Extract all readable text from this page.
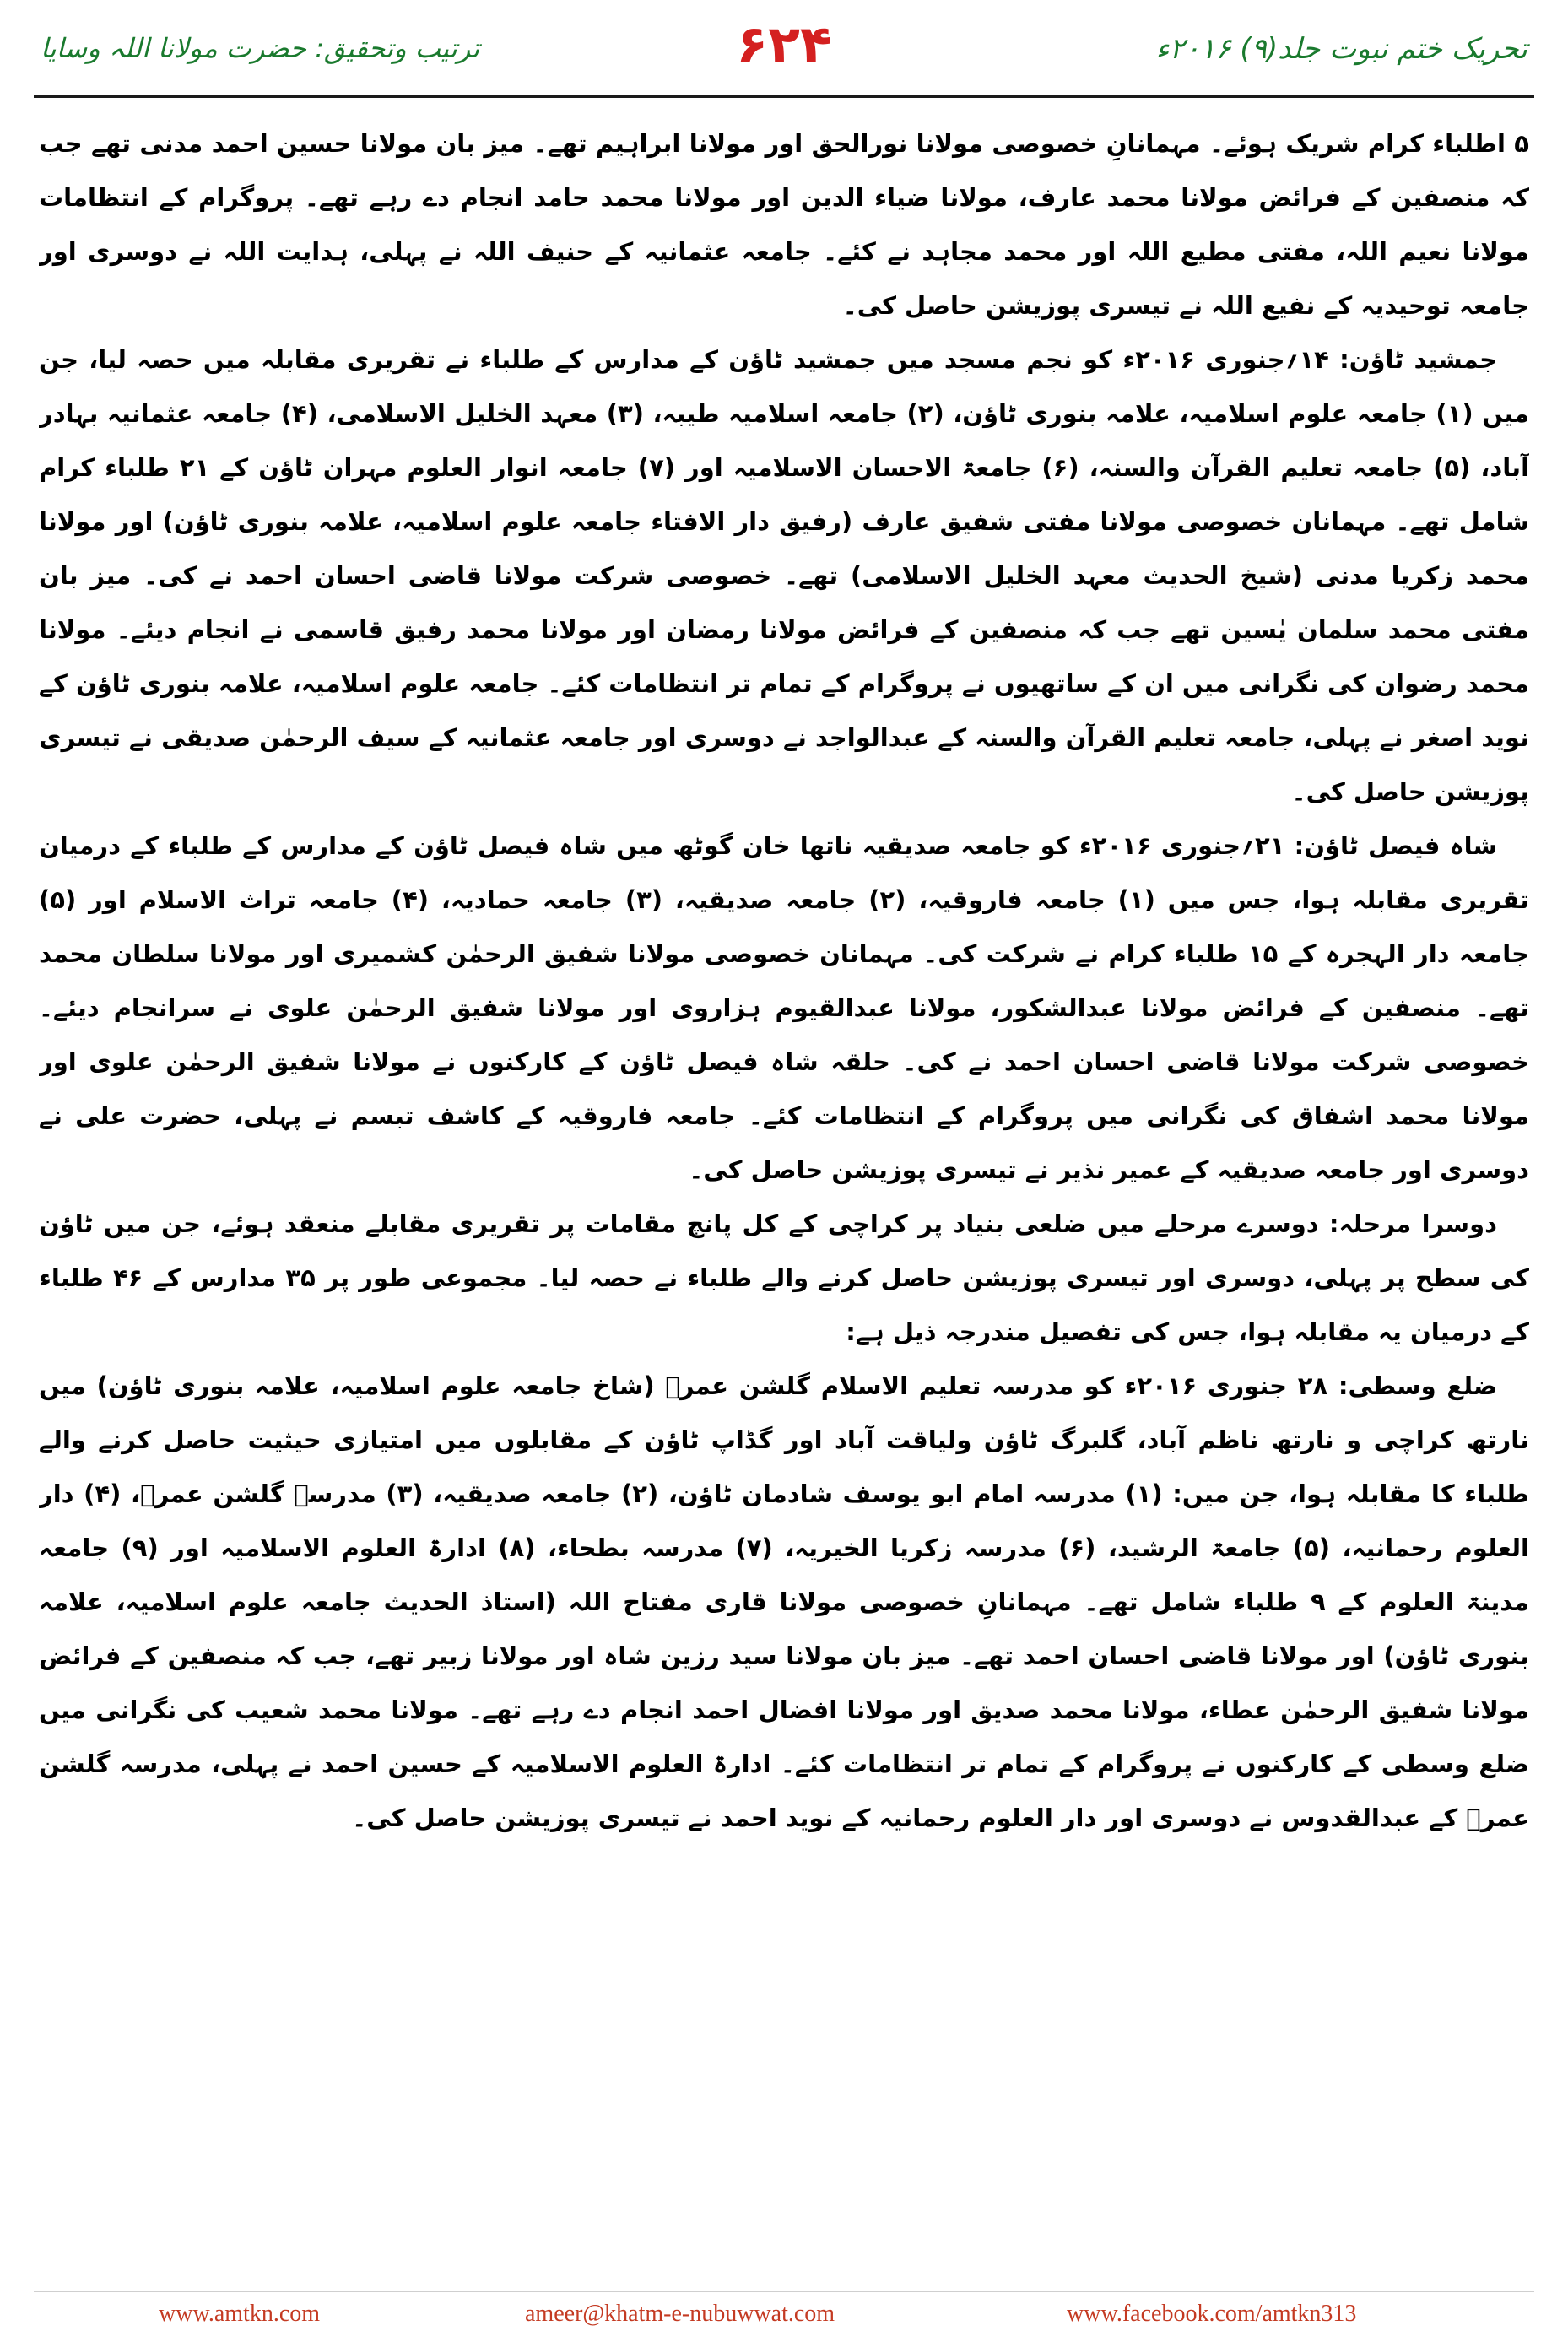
تحریک ختم نبوت جلد(۹) ۲۰۱۶ء
۶۲۴
ترتیب وتحقیق: حضرت مولانا اللہ وسایا

۵ اطلباء کرام شریک ہوئے۔ مہمانانِ خصوصی مولانا نورالحق اور مولانا ابراہیم تھے۔ میز بان مولانا حسین احمد مدنی تھے جب کہ منصفین کے فرائض مولانا محمد عارف، مولانا ضیاء الدین اور مولانا محمد حامد انجام دے رہے تھے۔ پروگرام کے انتظامات مولانا نعیم اللہ، مفتی مطیع اللہ اور محمد مجاہد نے کئے۔ جامعہ عثمانیہ کے حنیف اللہ نے پہلی، ہدایت اللہ نے دوسری اور جامعہ توحیدیہ کے نفیع اللہ نے تیسری پوزیشن حاصل کی۔

جمشید ٹاؤن: ۱۴؍جنوری ۲۰۱۶ء کو نجم مسجد میں جمشید ٹاؤن کے مدارس کے طلباء نے تقریری مقابلہ میں حصہ لیا، جن میں (۱) جامعہ علوم اسلامیہ، علامہ بنوری ٹاؤن، (۲) جامعہ اسلامیہ طیبہ، (۳) معہد الخلیل الاسلامی، (۴) جامعہ عثمانیہ بہادر آباد، (۵) جامعہ تعلیم القرآن والسنہ، (۶) جامعۃ الاحسان الاسلامیہ اور (۷) جامعہ انوار العلوم مہران ٹاؤن کے ۲۱ طلباء کرام شامل تھے۔ مہمانان خصوصی مولانا مفتی شفیق عارف (رفیق دار الافتاء جامعہ علوم اسلامیہ، علامہ بنوری ٹاؤن) اور مولانا محمد زکریا مدنی (شیخ الحدیث معہد الخلیل الاسلامی) تھے۔ خصوصی شرکت مولانا قاضی احسان احمد نے کی۔ میز بان مفتی محمد سلمان یٰسین تھے جب کہ منصفین کے فرائض مولانا رمضان اور مولانا محمد رفیق قاسمی نے انجام دیئے۔ مولانا محمد رضوان کی نگرانی میں ان کے ساتھیوں نے پروگرام کے تمام تر انتظامات کئے۔ جامعہ علوم اسلامیہ، علامہ بنوری ٹاؤن کے نوید اصغر نے پہلی، جامعہ تعلیم القرآن والسنہ کے عبدالواجد نے دوسری اور جامعہ عثمانیہ کے سیف الرحمٰن صدیقی نے تیسری پوزیشن حاصل کی۔

شاہ فیصل ٹاؤن: ۲۱؍جنوری ۲۰۱۶ء کو جامعہ صدیقیہ ناتھا خان گوٹھ میں شاہ فیصل ٹاؤن کے مدارس کے طلباء کے درمیان تقریری مقابلہ ہوا، جس میں (۱) جامعہ فاروقیہ، (۲) جامعہ صدیقیہ، (۳) جامعہ حمادیہ، (۴) جامعہ تراث الاسلام اور (۵) جامعہ دار الہجرہ کے ۱۵ طلباء کرام نے شرکت کی۔ مہمانان خصوصی مولانا شفیق الرحمٰن کشمیری اور مولانا سلطان محمد تھے۔ منصفین کے فرائض مولانا عبدالشکور، مولانا عبدالقیوم ہزاروی اور مولانا شفیق الرحمٰن علوی نے سرانجام دیئے۔ خصوصی شرکت مولانا قاضی احسان احمد نے کی۔ حلقہ شاہ فیصل ٹاؤن کے کارکنوں نے مولانا شفیق الرحمٰن علوی اور مولانا محمد اشفاق کی نگرانی میں پروگرام کے انتظامات کئے۔ جامعہ فاروقیہ کے کاشف تبسم نے پہلی، حضرت علی نے دوسری اور جامعہ صدیقیہ کے عمیر نذیر نے تیسری پوزیشن حاصل کی۔

دوسرا مرحلہ: دوسرے مرحلے میں ضلعی بنیاد پر کراچی کے کل پانچ مقامات پر تقریری مقابلے منعقد ہوئے، جن میں ٹاؤن کی سطح پر پہلی، دوسری اور تیسری پوزیشن حاصل کرنے والے طلباء نے حصہ لیا۔ مجموعی طور پر ۳۵ مدارس کے ۴۶ طلباء کے درمیان یہ مقابلہ ہوا، جس کی تفصیل مندرجہ ذیل ہے:

ضلع وسطی: ۲۸ جنوری ۲۰۱۶ء کو مدرسہ تعلیم الاسلام گلشن عمرؓ (شاخ جامعہ علوم اسلامیہ، علامہ بنوری ٹاؤن) میں نارتھ کراچی و نارتھ ناظم آباد، گلبرگ ٹاؤن ولیاقت آباد اور گڈاپ ٹاؤن کے مقابلوں میں امتیازی حیثیت حاصل کرنے والے طلباء کا مقابلہ ہوا، جن میں: (۱) مدرسہ امام ابو یوسف شادمان ٹاؤن، (۲) جامعہ صدیقیہ، (۳) مدرسہ گلشن عمرؓ، (۴) دار العلوم رحمانیہ، (۵) جامعۃ الرشید، (۶) مدرسہ زکریا الخیریہ، (۷) مدرسہ بطحاء، (۸) ادارۃ العلوم الاسلامیہ اور (۹) جامعہ مدینۃ العلوم کے ۹ طلباء شامل تھے۔ مہمانانِ خصوصی مولانا قاری مفتاح اللہ (استاذ الحدیث جامعہ علوم اسلامیہ، علامہ بنوری ٹاؤن) اور مولانا قاضی احسان احمد تھے۔ میز بان مولانا سید رزین شاہ اور مولانا زبیر تھے، جب کہ منصفین کے فرائض مولانا شفیق الرحمٰن عطاء، مولانا محمد صدیق اور مولانا افضال احمد انجام دے رہے تھے۔ مولانا محمد شعیب کی نگرانی میں ضلع وسطی کے کارکنوں نے پروگرام کے تمام تر انتظامات کئے۔ ادارۃ العلوم الاسلامیہ کے حسین احمد نے پہلی، مدرسہ گلشن عمرؓ کے عبدالقدوس نے دوسری اور دار العلوم رحمانیہ کے نوید احمد نے تیسری پوزیشن حاصل کی۔

www.amtkn.com	ameer@khatm-e-nubuwwat.com	www.facebook.com/amtkn313
